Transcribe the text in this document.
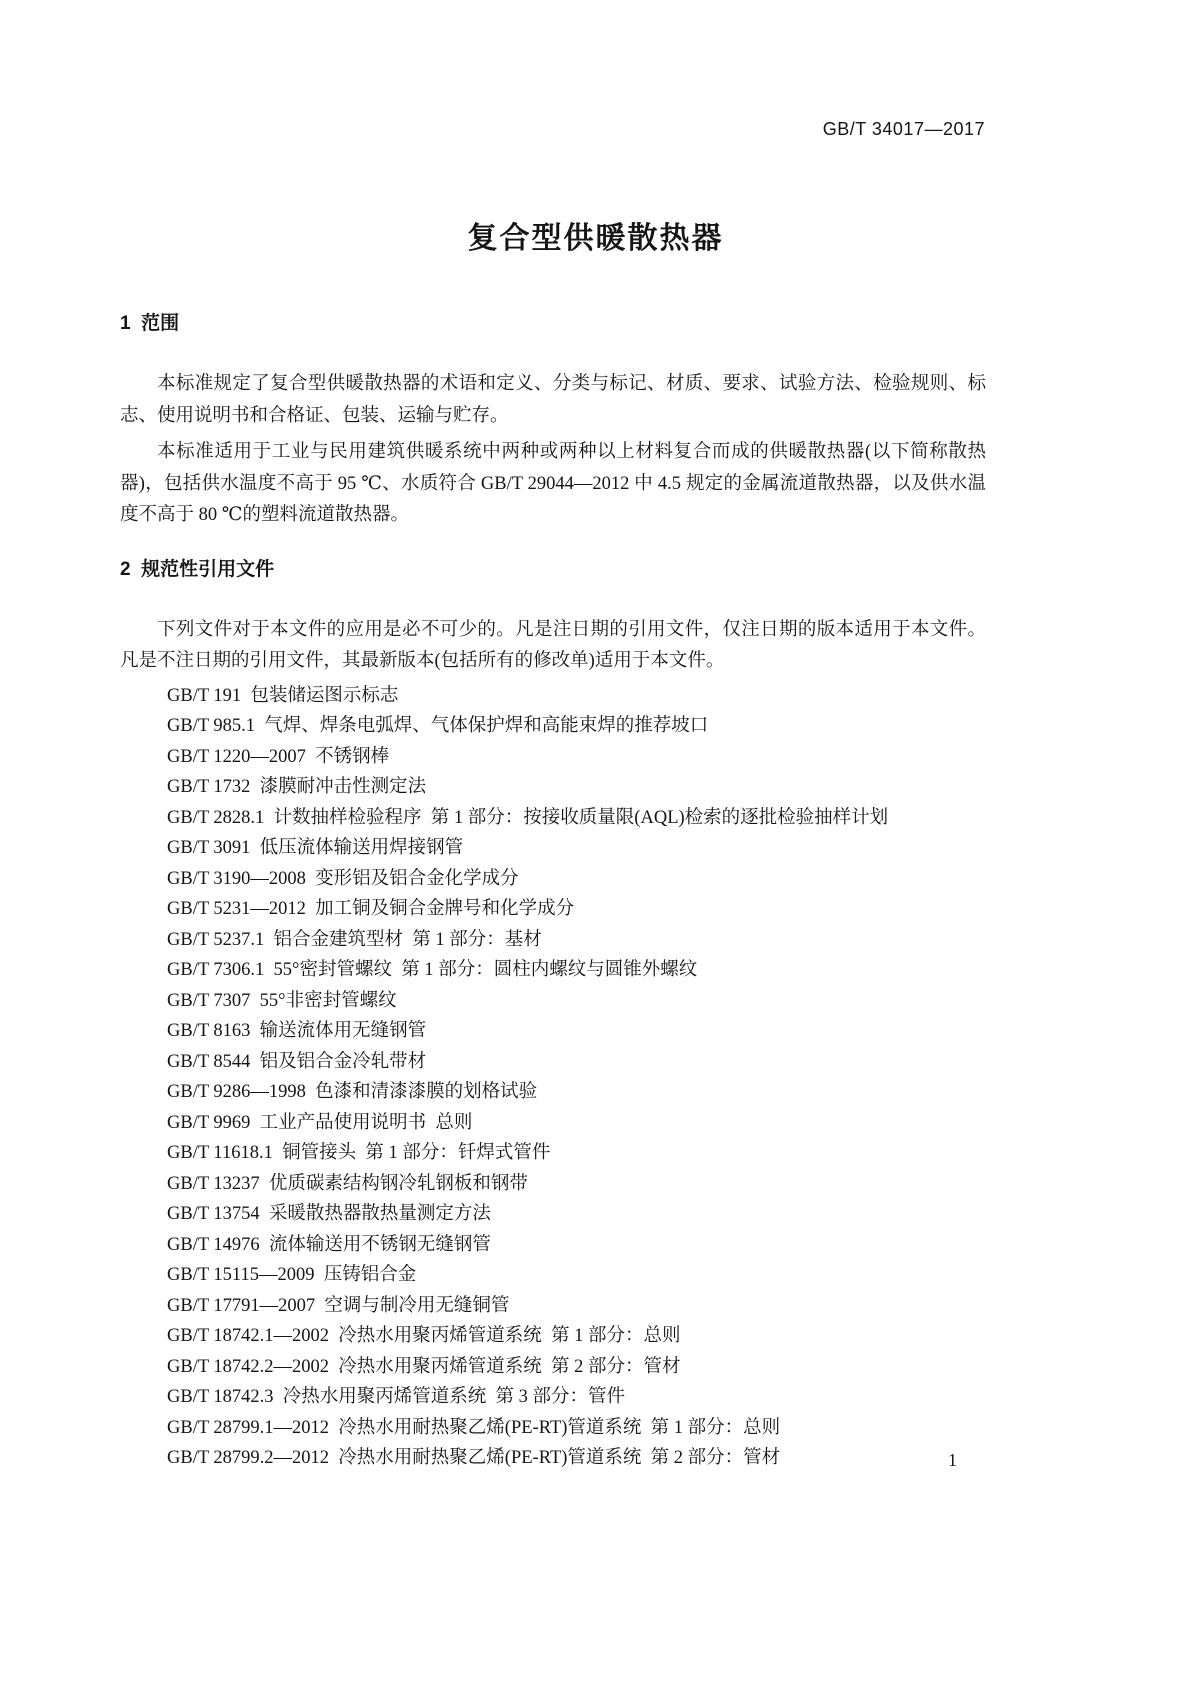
GB/T 34017—2017
复合型供暖散热器
1  范围

本标准规定了复合型供暖散热器的术语和定义、分类与标记、材质、要求、试验方法、检验规则、标志、使用说明书和合格证、包装、运输与贮存。

本标准适用于工业与民用建筑供暖系统中两种或两种以上材料复合而成的供暖散热器(以下简称散热器)，包括供水温度不高于 95 ℃、水质符合 GB/T 29044—2012 中 4.5 规定的金属流道散热器，以及供水温度不高于 80 ℃的塑料流道散热器。

2  规范性引用文件

下列文件对于本文件的应用是必不可少的。凡是注日期的引用文件，仅注日期的版本适用于本文件。凡是不注日期的引用文件，其最新版本(包括所有的修改单)适用于本文件。

GB/T 191  包装储运图示标志
GB/T 985.1  气焊、焊条电弧焊、气体保护焊和高能束焊的推荐坡口
GB/T 1220—2007  不锈钢棒
GB/T 1732  漆膜耐冲击性测定法
GB/T 2828.1  计数抽样检验程序  第 1 部分：按接收质量限(AQL)检索的逐批检验抽样计划
GB/T 3091  低压流体输送用焊接钢管
GB/T 3190—2008  变形铝及铝合金化学成分
GB/T 5231—2012  加工铜及铜合金牌号和化学成分
GB/T 5237.1  铝合金建筑型材  第 1 部分：基材
GB/T 7306.1  55°密封管螺纹  第 1 部分：圆柱内螺纹与圆锥外螺纹
GB/T 7307  55°非密封管螺纹
GB/T 8163  输送流体用无缝钢管
GB/T 8544  铝及铝合金冷轧带材
GB/T 9286—1998  色漆和清漆漆膜的划格试验
GB/T 9969  工业产品使用说明书  总则
GB/T 11618.1  铜管接头  第 1 部分：钎焊式管件
GB/T 13237  优质碳素结构钢冷轧钢板和钢带
GB/T 13754  采暖散热器散热量测定方法
GB/T 14976  流体输送用不锈钢无缝钢管
GB/T 15115—2009  压铸铝合金
GB/T 17791—2007  空调与制冷用无缝铜管
GB/T 18742.1—2002  冷热水用聚丙烯管道系统  第 1 部分：总则
GB/T 18742.2—2002  冷热水用聚丙烯管道系统  第 2 部分：管材
GB/T 18742.3  冷热水用聚丙烯管道系统  第 3 部分：管件
GB/T 28799.1—2012  冷热水用耐热聚乙烯(PE-RT)管道系统  第 1 部分：总则
GB/T 28799.2—2012  冷热水用耐热聚乙烯(PE-RT)管道系统  第 2 部分：管材	1
